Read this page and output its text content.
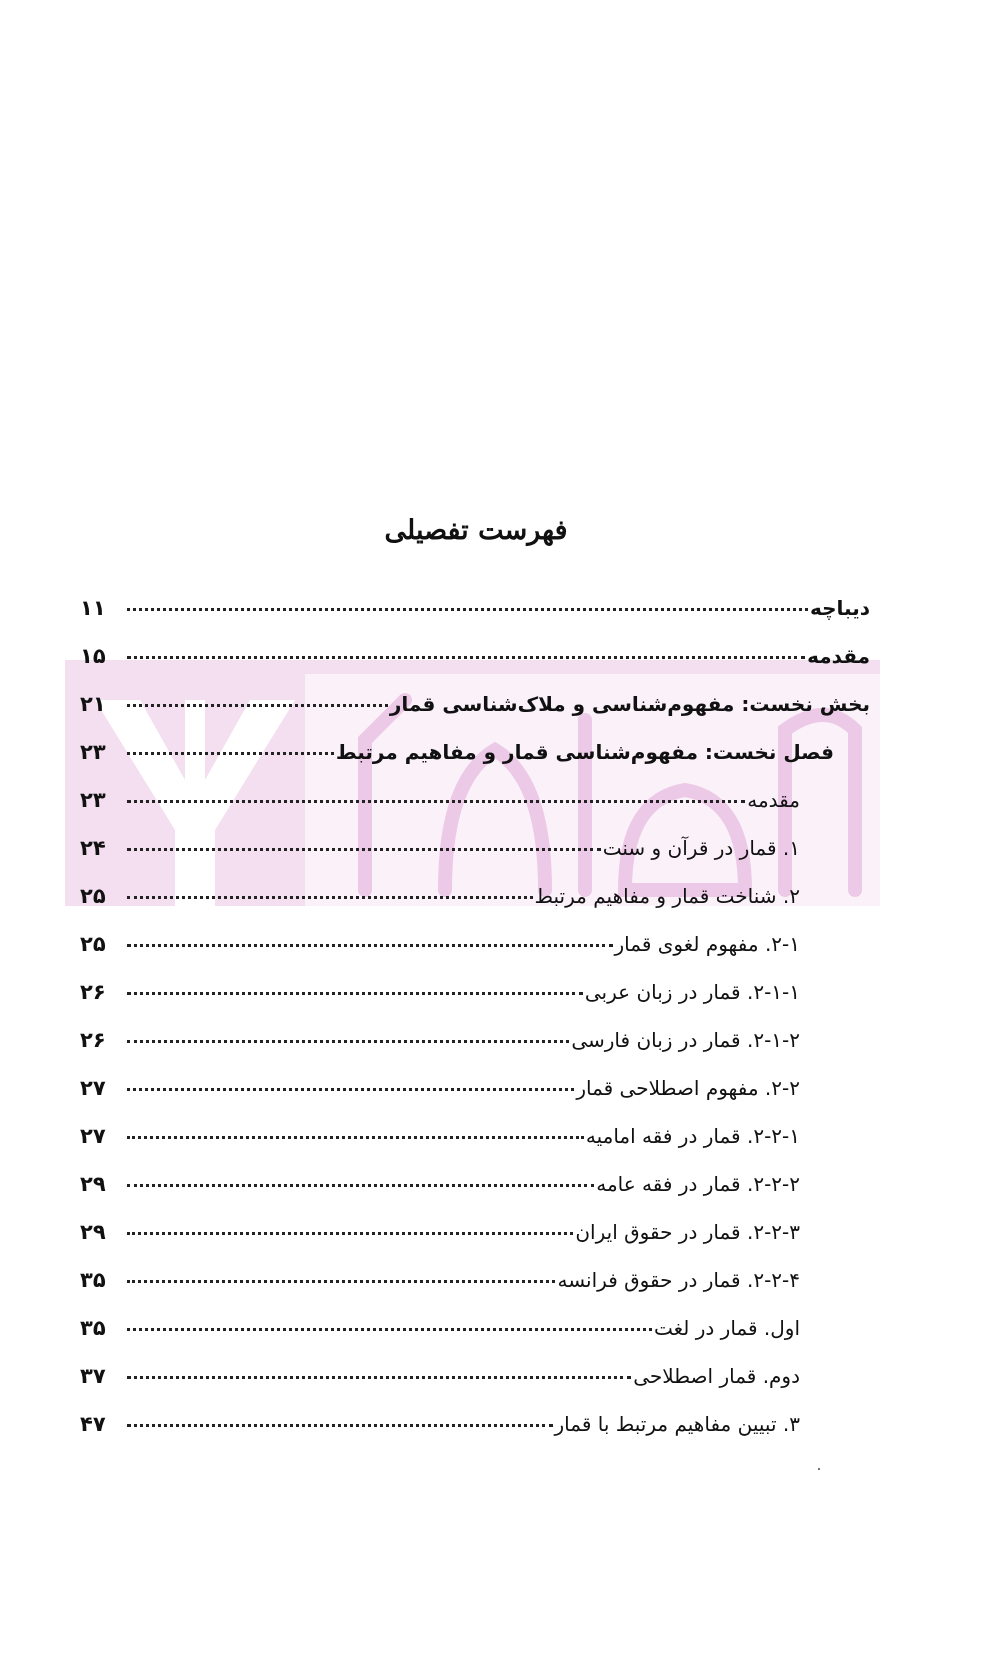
فهرست تفصیلی
دیباچه
۱۱
مقدمه
۱۵
بخش نخست: مفهوم‌شناسی و ملاک‌شناسی قمار
۲۱
فصل نخست: مفهوم‌شناسی قمار و مفاهیم مرتبط
۲۳
مقدمه
۲۳
۱. قمار در قرآن و سنت
۲۴
۲. شناخت قمار و مفاهیم مرتبط
۲۵
۲-۱. مفهوم لغوی قمار
۲۵
۲-۱-۱. قمار در زبان عربی
۲۶
۲-۱-۲. قمار در زبان فارسی
۲۶
۲-۲. مفهوم اصطلاحی قمار
۲۷
۲-۲-۱. قمار در فقه امامیه
۲۷
۲-۲-۲. قمار در فقه عامه
۲۹
۲-۲-۳. قمار در حقوق ایران
۲۹
۲-۲-۴. قمار در حقوق فرانسه
۳۵
اول. قمار در لغت
۳۵
دوم. قمار اصطلاحی
۳۷
۳. تبیین مفاهیم مرتبط با قمار
۴۷
